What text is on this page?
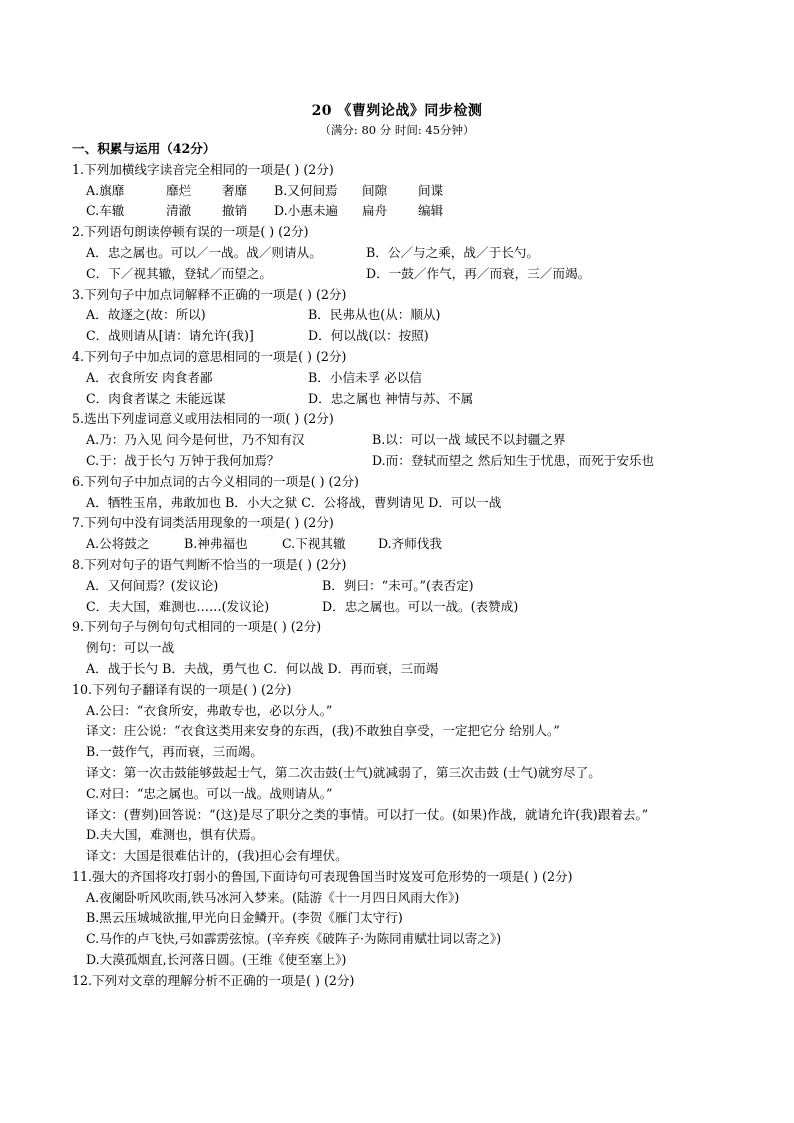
20 《曹刿论战》同步检测
（满分: 80 分 时间: 45分钟）
一、积累与运用（42分）
1.下列加横线字读音完全相同的一项是( ) (2分)
A.旗靡	靡烂 奢靡 B.又何间焉 间隙 间谍
C.车辙	清澈 撤销 D.小惠未遍 扁舟 编辑
2.下列语句朗读停顿有误的一项是( ) (2分)
A．忠之属也。可以／一战。战／则请从。	B．公／与之乘，战／于长勺。
C．下／视其辙，登轼／而望之。	D．一鼓／作气，再／而衰，三／而竭。
3.下列句子中加点词解释不正确的一项是( ) (2分)
A．故逐之(故：所以)	B．民弗从也(从：顺从)
C．战则请从[请：请允许(我)]	D．何以战(以：按照)
4.下列句子中加点词的意思相同的一项是( ) (2分)
A．衣食所安 肉食者鄙	B．小信未孚 必以信
C．肉食者谋之 未能远谋	D．忠之属也 神情与苏、不属
5.选出下列虚词意义或用法相同的一项( ) (2分)
A.乃：乃入见 问今是何世，乃不知有汉	B.以：可以一战 域民不以封疆之界
C.于：战于长勺 万钟于我何加焉？	D.而：登轼而望之 然后知生于忧患，而死于安乐也
6.下列句子中加点词的古今义相同的一项是( ) (2分)
A．牺牲玉帛，弗敢加也 B．小大之狱 C．公将战，曹刿请见 D．可以一战
7.下列句中没有词类活用现象的一项是( ) (2分)
A.公将鼓之	B.神弗福也	C.下视其辙	D.齐师伐我
8.下列对句子的语气判断不恰当的一项是( ) (2分)
A．又何间焉？(发议论)	B．刿曰：“未可。”(表否定)
C．夫大国，难测也……(发议论)	D．忠之属也。可以一战。(表赞成)
9.下列句子与例句句式相同的一项是( ) (2分)
例句：可以一战
A．战于长勺 B．夫战，勇气也 C．何以战 D．再而衰，三而竭
10.下列句子翻译有误的一项是( ) (2分)
A.公曰：“衣食所安，弗敢专也，必以分人。”
译文：庄公说：“衣食这类用来安身的东西，(我)不敢独自享受，一定把它分 给别人。”
B.一鼓作气，再而衰，三而竭。
译文：第一次击鼓能够鼓起士气，第二次击鼓(士气)就减弱了，第三次击鼓 (士气)就穷尽了。
C.对曰：“忠之属也。可以一战。战则请从。”
译文：(曹刿)回答说：“(这)是尽了职分之类的事情。可以打一仗。(如果)作战，就请允许(我)跟着去。”
D.夫大国，难测也，惧有伏焉。
译文：大国是很难估计的，(我)担心会有埋伏。
11.强大的齐国将攻打弱小的鲁国,下面诗句可表现鲁国当时岌岌可危形势的一项是( ) (2分)
A.夜阑卧听风吹雨,铁马冰河入梦来。(陆游《十一月四日风雨大作》)
B.黑云压城城欲摧,甲光向日金鳞开。(李贺《雁门太守行)
C.马作的卢飞快,弓如霹雳弦惊。(辛弃疾《破阵子·为陈同甫赋壮词以寄之》)
D.大漠孤烟直,长河落日圆。(王维《使至塞上》)
12.下列对文章的理解分析不正确的一项是( ) (2分)
